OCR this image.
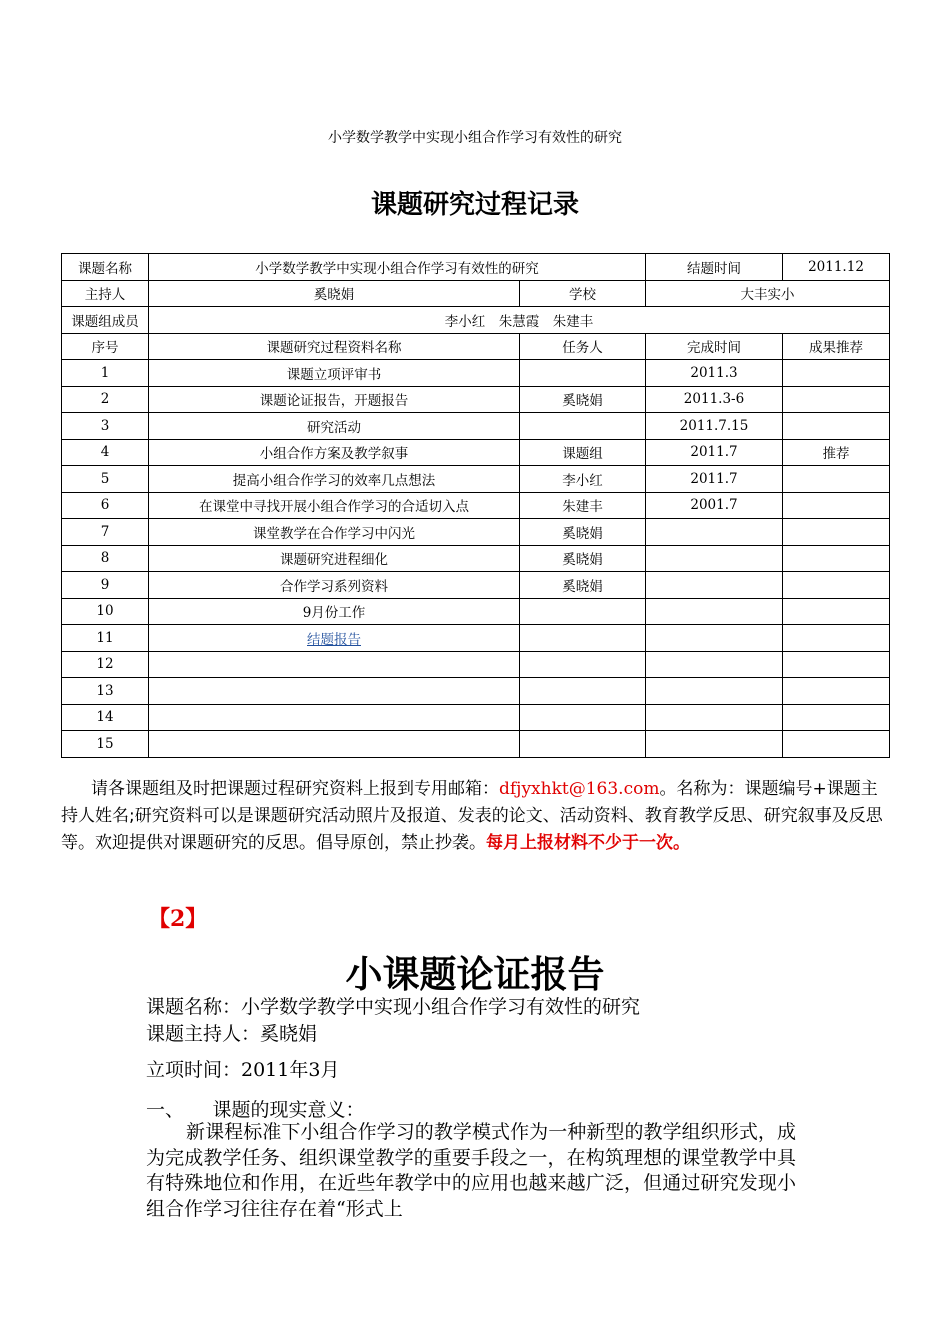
小学数学教学中实现小组合作学习有效性的研究
课题研究过程记录
课题名称	小学数学教学中实现小组合作学习有效性的研究		结题时间	2011.12
主持人	奚晓娟	学校	大丰实小	
课题组成员	李小红　朱慧霞　朱建丰			
序号	课题研究过程资料名称	任务人	完成时间	成果推荐
1	课题立项评审书		2011.3	
2	课题论证报告，开题报告	奚晓娟	2011.3-6	
3	研究活动		2011.7.15	
4	小组合作方案及教学叙事	课题组	2011.7	推荐
5	提高小组合作学习的效率几点想法	李小红	2011.7	
6	在课堂中寻找开展小组合作学习的合适切入点	朱建丰	2001.7	
7	课堂教学在合作学习中闪光	奚晓娟		
8	课题研究进程细化	奚晓娟		
9	合作学习系列资料	奚晓娟		
10	9月份工作			
11	结题报告			
12				
13				
14				
15				
请各课题组及时把课题过程研究资料上报到专用邮箱：dfjyxhkt@163.com。名称为：课题编号+课题主持人姓名;研究资料可以是课题研究活动照片及报道、发表的论文、活动资料、教育教学反思、研究叙事及反思等。欢迎提供对课题研究的反思。倡导原创，禁止抄袭。每月上报材料不少于一次。
【2】
小课题论证报告
课题名称：小学数学教学中实现小组合作学习有效性的研究
课题主持人：奚晓娟
立项时间：2011年3月
一、　　课题的现实意义：
新课程标准下小组合作学习的教学模式作为一种新型的教学组织形式，成为完成教学任务、组织课堂教学的重要手段之一，在构筑理想的课堂教学中具有特殊地位和作用，在近些年教学中的应用也越来越广泛，但通过研究发现小组合作学习往往存在着“形式上
